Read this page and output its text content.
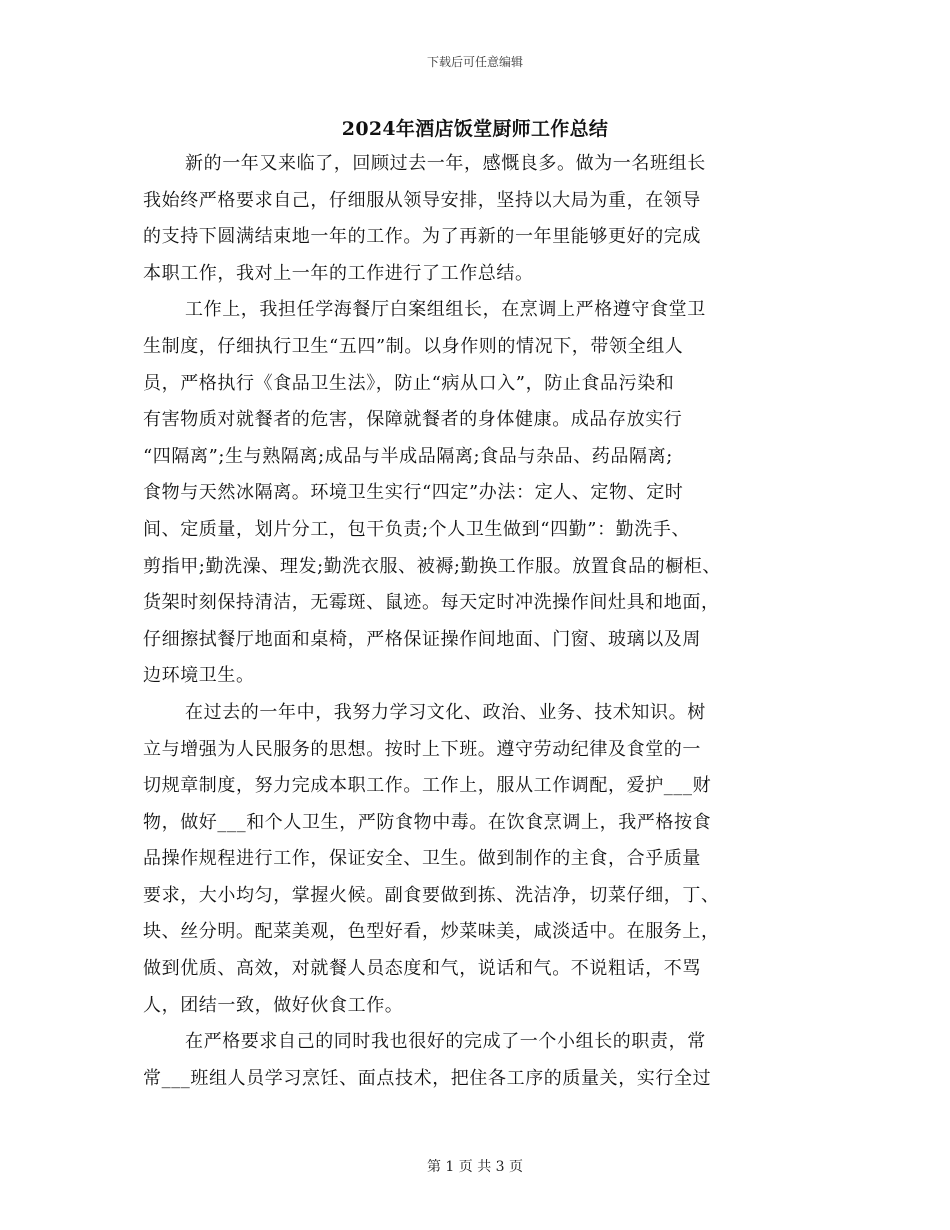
下载后可任意编辑
2024年酒店饭堂厨师工作总结
新的一年又来临了，回顾过去一年，感慨良多。做为一名班组长
我始终严格要求自己，仔细服从领导安排，坚持以大局为重，在领导
的支持下圆满结束地一年的工作。为了再新的一年里能够更好的完成
本职工作，我对上一年的工作进行了工作总结。
工作上，我担任学海餐厅白案组组长，在烹调上严格遵守食堂卫
生制度，仔细执行卫生“五四”制。以身作则的情况下，带领全组人
员，严格执行《食品卫生法》，防止“病从口入”，防止食品污染和
有害物质对就餐者的危害，保障就餐者的身体健康。成品存放实行
“四隔离”;生与熟隔离;成品与半成品隔离;食品与杂品、药品隔离;
食物与天然冰隔离。环境卫生实行“四定”办法：定人、定物、定时
间、定质量，划片分工，包干负责;个人卫生做到“四勤”：勤洗手、
剪指甲;勤洗澡、理发;勤洗衣服、被褥;勤换工作服。放置食品的橱柜、
货架时刻保持清洁，无霉斑、鼠迹。每天定时冲洗操作间灶具和地面，
仔细擦拭餐厅地面和桌椅，严格保证操作间地面、门窗、玻璃以及周
边环境卫生。
在过去的一年中，我努力学习文化、政治、业务、技术知识。树
立与增强为人民服务的思想。按时上下班。遵守劳动纪律及食堂的一
切规章制度，努力完成本职工作。工作上，服从工作调配，爱护___财
物，做好___和个人卫生，严防食物中毒。在饮食烹调上，我严格按食
品操作规程进行工作，保证安全、卫生。做到制作的主食，合乎质量
要求，大小均匀，掌握火候。副食要做到拣、洗洁净，切菜仔细，丁、
块、丝分明。配菜美观，色型好看，炒菜味美，咸淡适中。在服务上，
做到优质、高效，对就餐人员态度和气，说话和气。不说粗话，不骂
人，团结一致，做好伙食工作。
在严格要求自己的同时我也很好的完成了一个小组长的职责，常
常___班组人员学习烹饪、面点技术，把住各工序的质量关，实行全过
第 1 页 共 3 页
